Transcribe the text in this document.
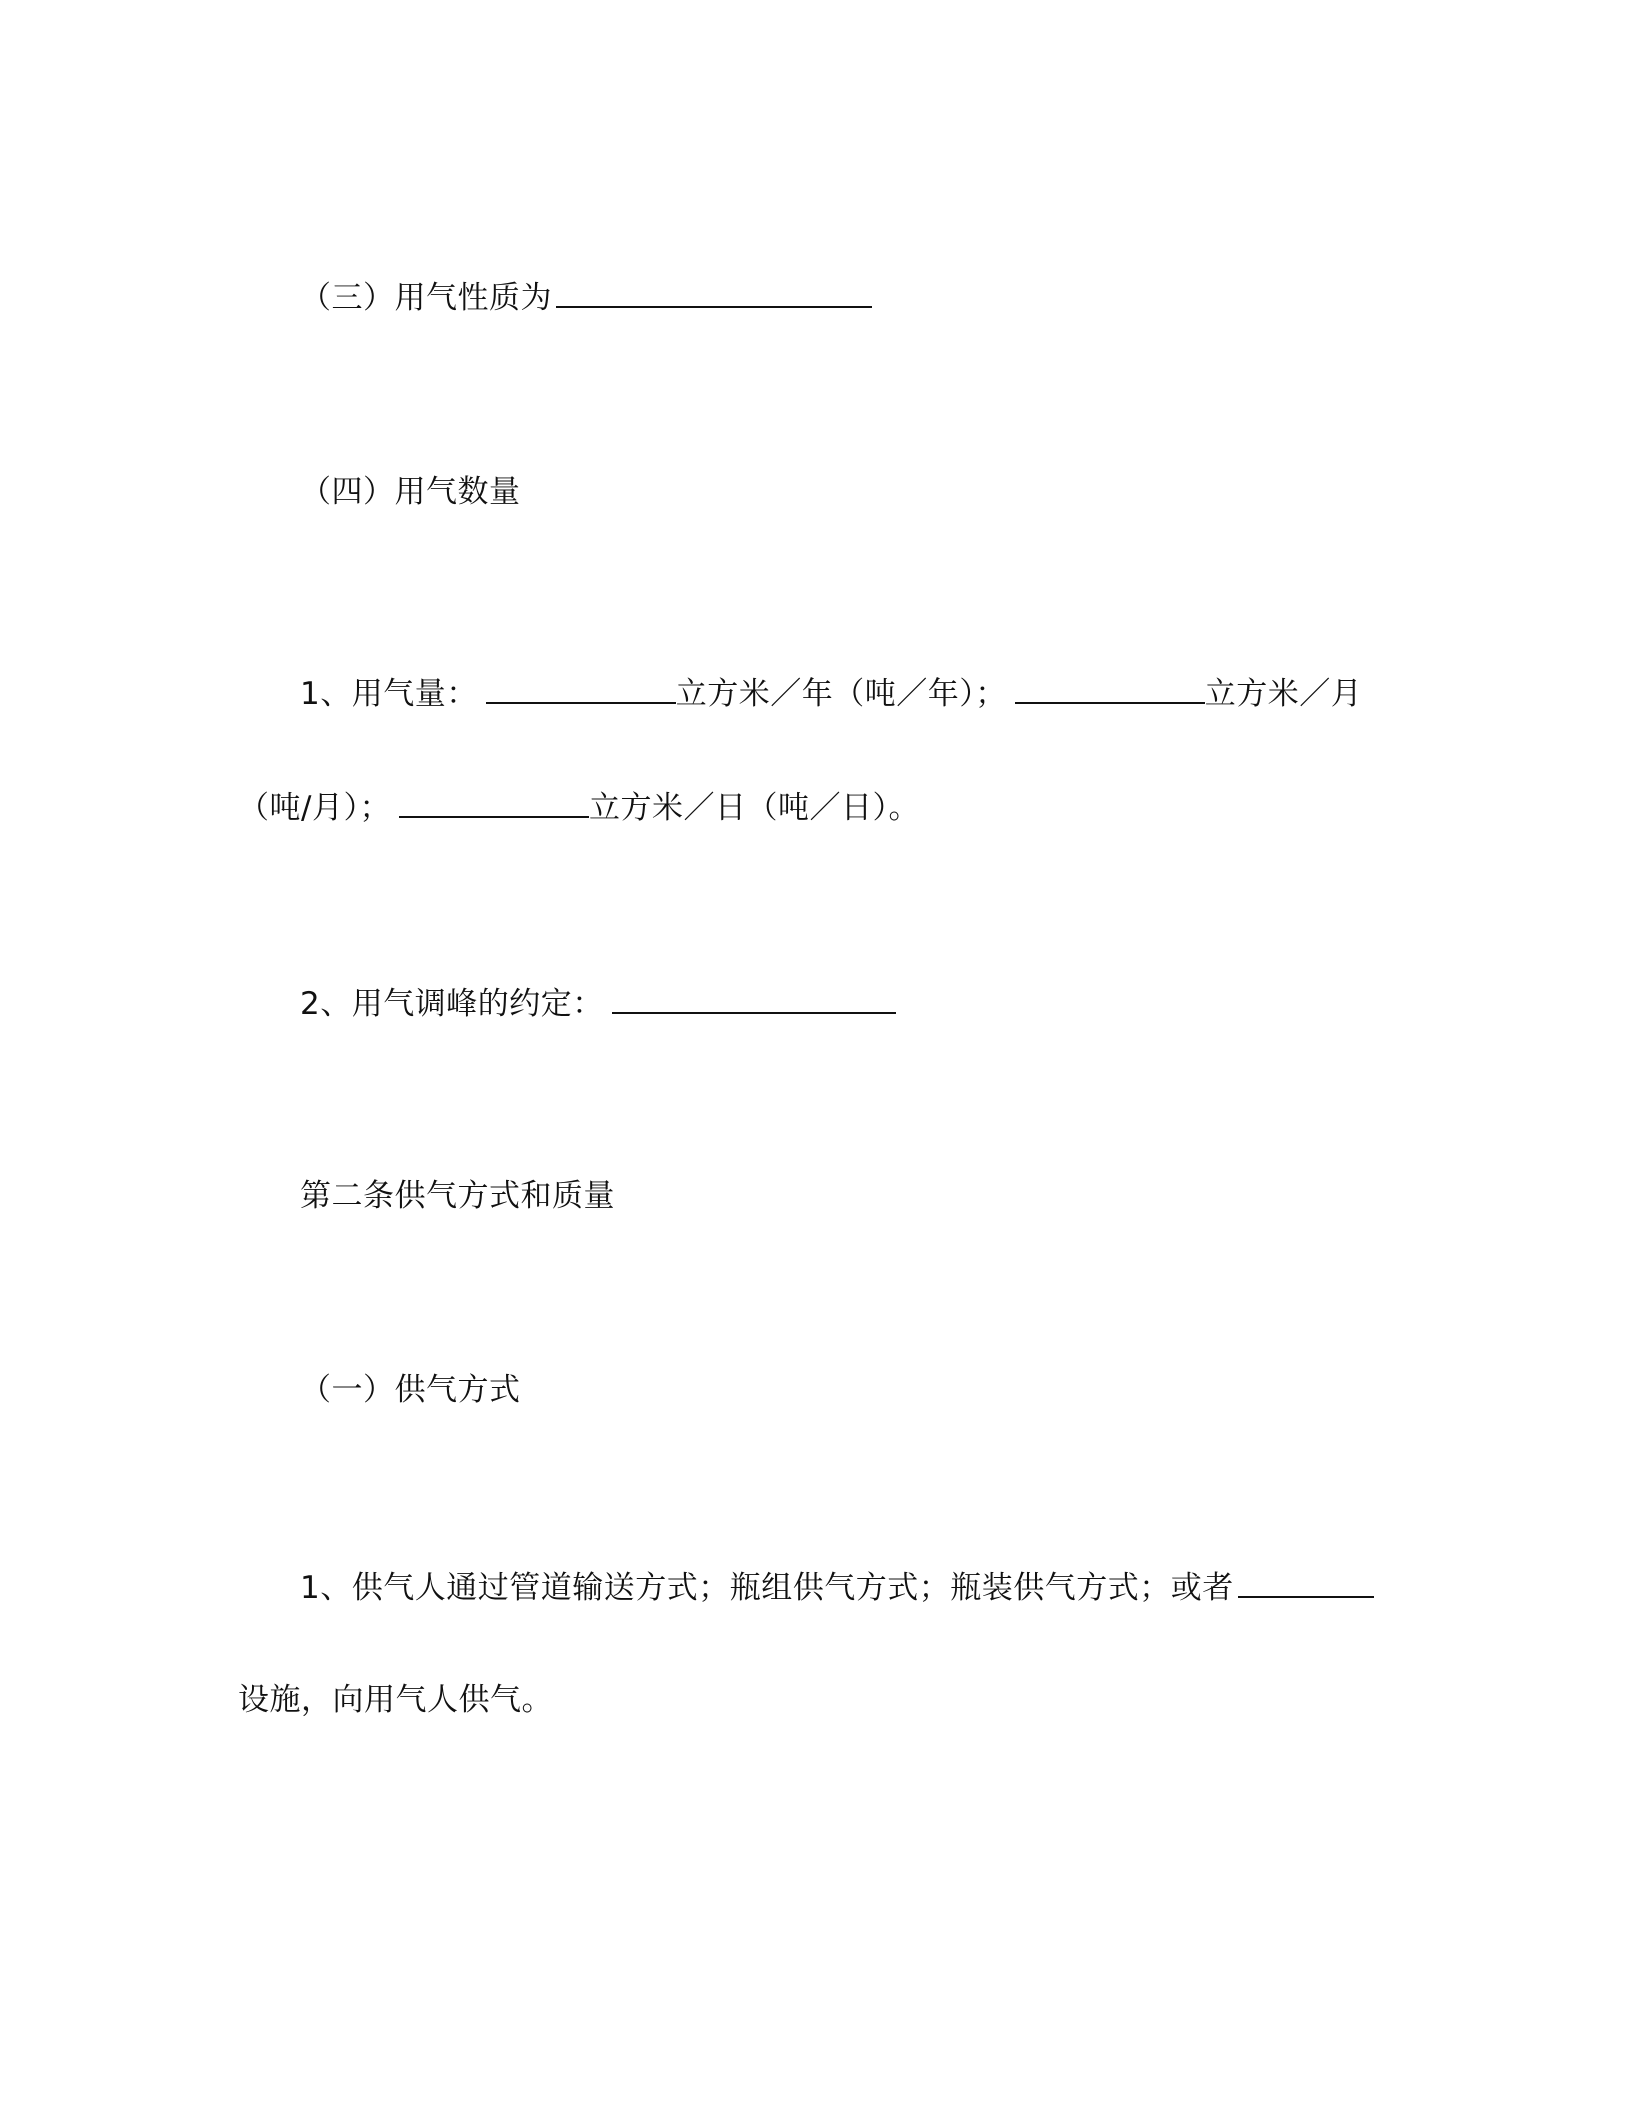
（三）用气性质为
（四）用气数量
1、用气量：	立方米／年（吨／年）；	立方米／月
（吨/月）；	立方米／日（吨／日）。
2、用气调峰的约定：
第二条供气方式和质量
（一）供气方式
1、供气人通过管道输送方式；瓶组供气方式；瓶装供气方式；或者
设施，向用气人供气。
